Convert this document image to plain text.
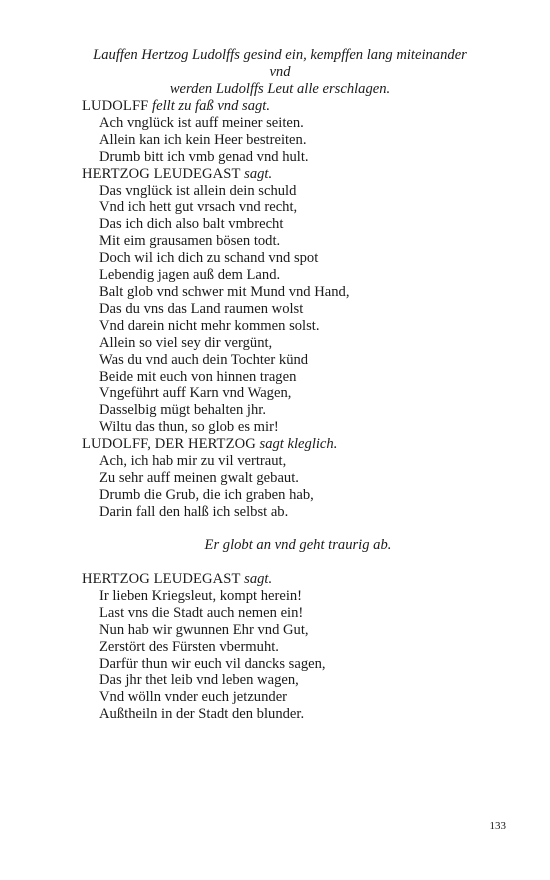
Lauffen Hertzog Ludolffs gesind ein, kempffen lang miteinander vnd
werden Ludolffs Leut alle erschlagen.
LUDOLFF fellt zu faß vnd sagt.
Ach vnglück ist auff meiner seiten.
Allein kan ich kein Heer bestreiten.
Drumb bitt ich vmb genad vnd hult.
HERTZOG LEUDEGAST sagt.
Das vnglück ist allein dein schuld
Vnd ich hett gut vrsach vnd recht,
Das ich dich also balt vmbrecht
Mit eim grausamen bösen todt.
Doch wil ich dich zu schand vnd spot
Lebendig jagen auß dem Land.
Balt glob vnd schwer mit Mund vnd Hand,
Das du vns das Land raumen wolst
Vnd darein nicht mehr kommen solst.
Allein so viel sey dir vergünt,
Was du vnd auch dein Tochter künd
Beide mit euch von hinnen tragen
Vngeführt auff Karn vnd Wagen,
Dasselbig mügt behalten jhr.
Wiltu das thun, so glob es mir!
LUDOLFF, DER HERTZOG sagt kleglich.
Ach, ich hab mir zu vil vertraut,
Zu sehr auff meinen gwalt gebaut.
Drumb die Grub, die ich graben hab,
Darin fall den halß ich selbst ab.
Er globt an vnd geht traurig ab.
HERTZOG LEUDEGAST sagt.
Ir lieben Kriegsleut, kompt herein!
Last vns die Stadt auch nemen ein!
Nun hab wir gwunnen Ehr vnd Gut,
Zerstört des Fürsten vbermuht.
Darfür thun wir euch vil dancks sagen,
Das jhr thet leib vnd leben wagen,
Vnd wölln vnder euch jetzunder
Außtheiln in der Stadt den blunder.
133
